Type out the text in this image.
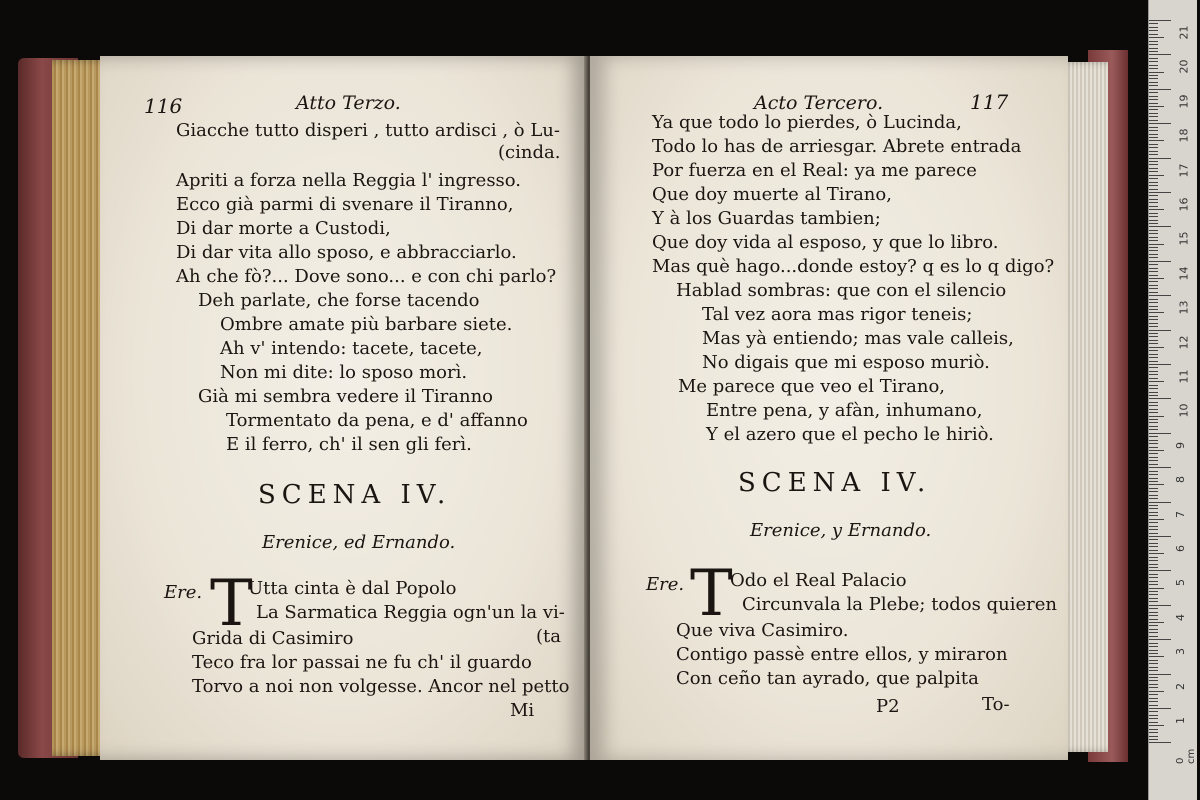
116	Atto Terzo.
Giacche tutto disperi , tutto ardisci , ò Lu-
(cinda.
Apriti a forza nella Reggia l' ingresso.
Ecco già parmi di svenare il Tiranno,
Di dar morte a Custodi,
Di dar vita allo sposo, e abbracciarlo.
Ah che fò?... Dove sono... e con chi parlo?
Deh parlate, che forse tacendo
Ombre amate più barbare siete.
Ah v' intendo: tacete, tacete,
Non mi dite: lo sposo morì.
Già mi sembra vedere il Tiranno
Tormentato da pena, e d' affanno
E il ferro, ch' il sen gli ferì.
SCENA IV.
Erenice, ed Ernando.
Ere. T
Utta cinta è dal Popolo
La Sarmatica Reggia ogn'un la vi-
(ta
Grida di Casimiro
Teco fra lor passai ne fu ch' il guardo
Torvo a noi non volgesse. Ancor nel petto
Mi
Acto Tercero.	117
Ya que todo lo pierdes, ò Lucinda,
Todo lo has de arriesgar. Abrete entrada
Por fuerza en el Real: ya me parece
Que doy muerte al Tirano,
Y à los Guardas tambien;
Que doy vida al esposo, y que lo libro.
Mas què hago...donde estoy? q es lo q digo?
Hablad sombras: que con el silencio
Tal vez aora mas rigor teneis;
Mas yà entiendo; mas vale calleis,
No digais que mi esposo muriò.
Me parece que veo el Tirano,
Entre pena, y afàn, inhumano,
Y el azero que el pecho le hiriò.
SCENA IV.
Erenice, y Ernando.
Ere. T
Odo el Real Palacio
Circunvala la Plebe; todos quieren
Que viva Casimiro.
Contigo passè entre ellos, y miraron
Con ceño tan ayrado, que palpita
P2	To-
0 cm
21
20
19
18
17
16
15
14
13
12
11
10
9
8
7
6
5
4
3
2
1
